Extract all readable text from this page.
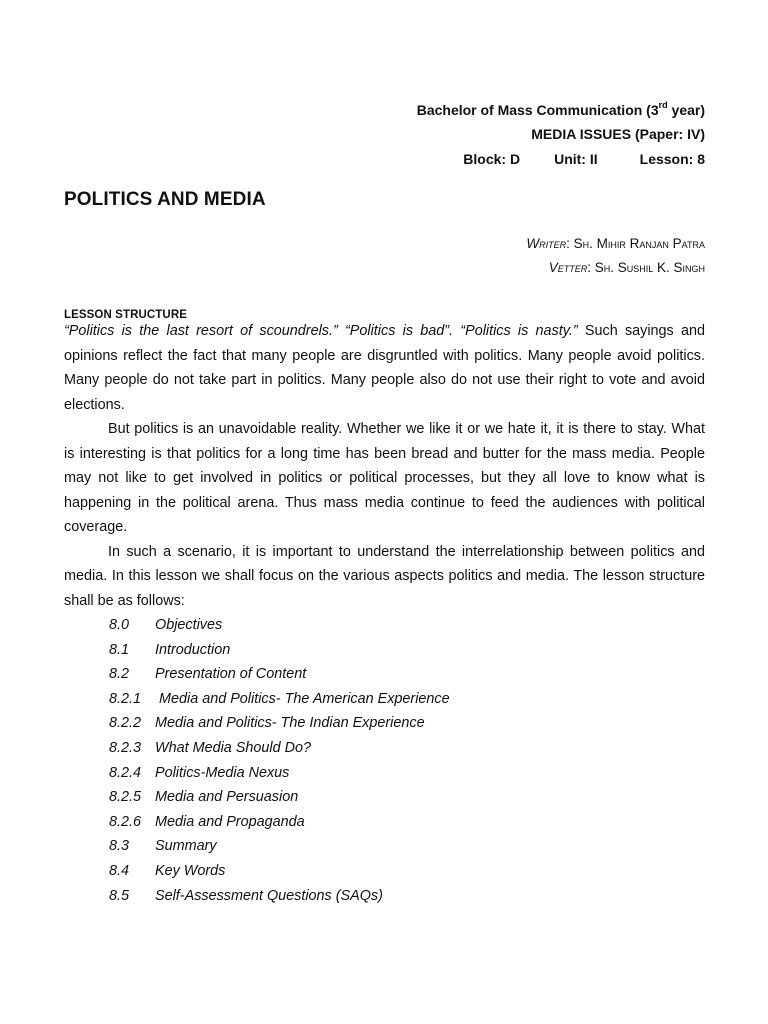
Bachelor of Mass Communication (3rd year)
MEDIA ISSUES (Paper: IV)
Block: D Unit: II	Lesson: 8
POLITICS AND MEDIA
Writer: Sh. Mihir Ranjan Patra
Vetter: Sh. Sushil K. Singh
LESSON STRUCTURE

“Politics is the last resort of scoundrels.” “Politics is bad”. “Politics is nasty.” Such sayings and opinions reflect the fact that many people are disgruntled with politics. Many people avoid politics. Many people do not take part in politics. Many people also do not use their right to vote and avoid elections.

But politics is an unavoidable reality. Whether we like it or we hate it, it is there to stay. What is interesting is that politics for a long time has been bread and butter for the mass media. People may not like to get involved in politics or political processes, but they all love to know what is happening in the political arena. Thus mass media continue to feed the audiences with political coverage.

In such a scenario, it is important to understand the interrelationship between politics and media. In this lesson we shall focus on the various aspects politics and media. The lesson structure shall be as follows:

8.0 Objectives
8.1 Introduction
8.2 Presentation of Content
8.2.1 Media and Politics- The American Experience
8.2.2 Media and Politics- The Indian Experience
8.2.3 What Media Should Do?
8.2.4 Politics-Media Nexus
8.2.5 Media and Persuasion
8.2.6 Media and Propaganda
8.3 Summary
8.4 Key Words
8.5 Self-Assessment Questions (SAQs)
